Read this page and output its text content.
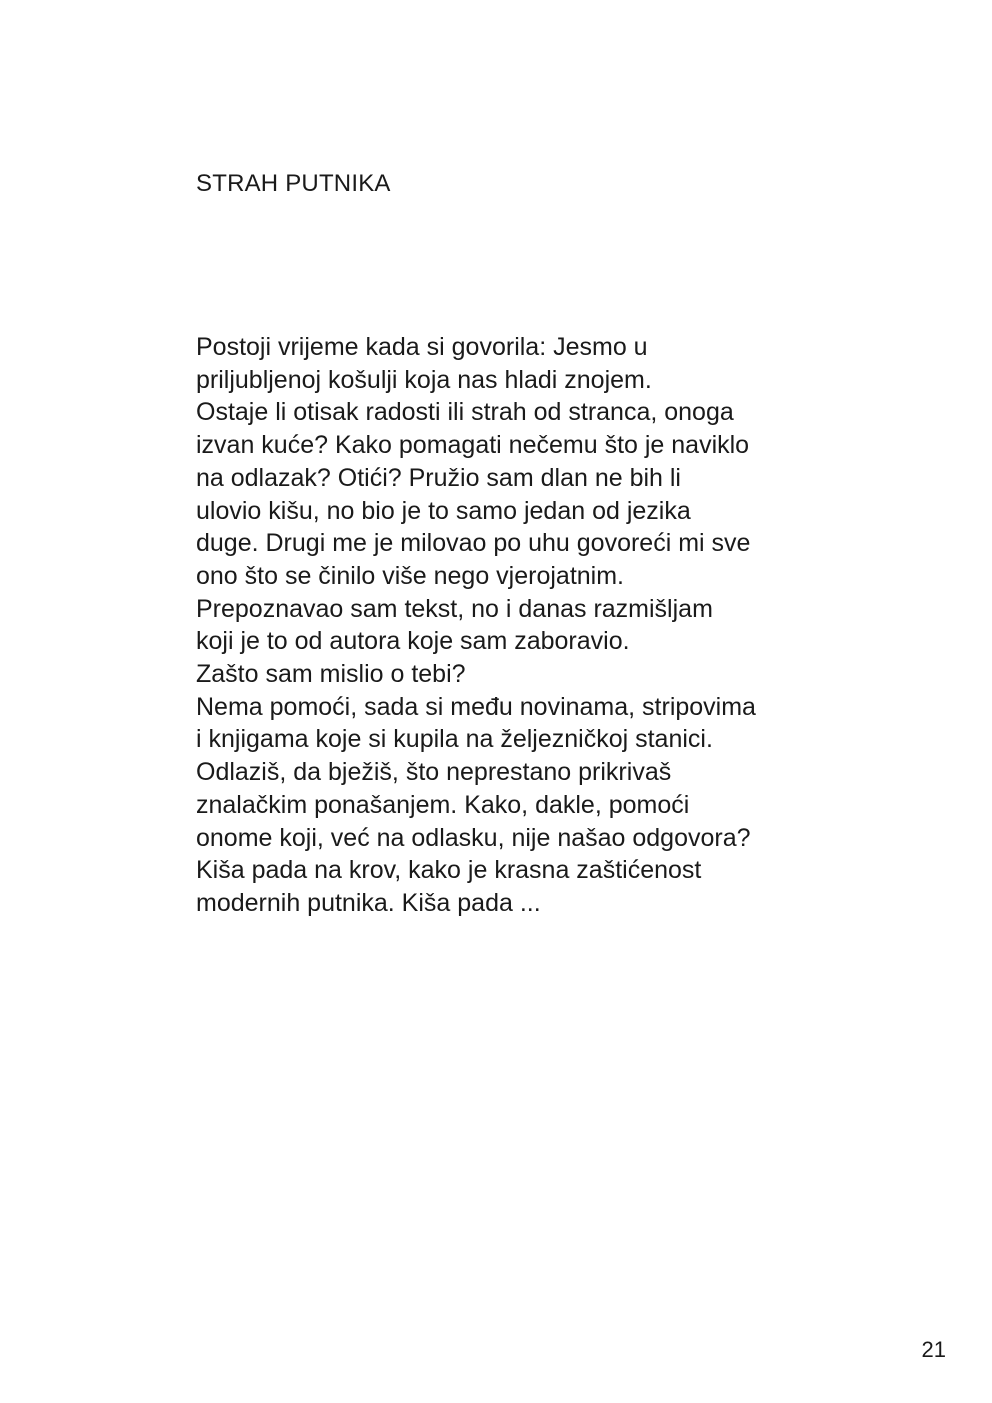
STRAH PUTNIKA
Postoji vrijeme kada si govorila: Jesmo u
priljubljenoj košulji koja nas hladi znojem.
Ostaje li otisak radosti ili strah od stranca, onoga
izvan kuće? Kako pomagati nečemu što je naviklo
na odlazak? Otići? Pružio sam dlan ne bih li
ulovio kišu, no bio je to samo jedan od jezika
duge. Drugi me je milovao po uhu govoreći mi sve
ono što se činilo više nego vjerojatnim.
Prepoznavao sam tekst, no i danas razmišljam
koji je to od autora koje sam zaboravio.
Zašto sam mislio o tebi?
Nema pomoći, sada si među novinama, stripovima
i knjigama koje si kupila na željezničkoj stanici.
Odlaziš, da bježiš, što neprestano prikrivaš
znalačkim ponašanjem. Kako, dakle, pomoći
onome koji, već na odlasku, nije našao odgovora?
Kiša pada na krov, kako je krasna zaštićenost
modernih putnika. Kiša pada ...
21
